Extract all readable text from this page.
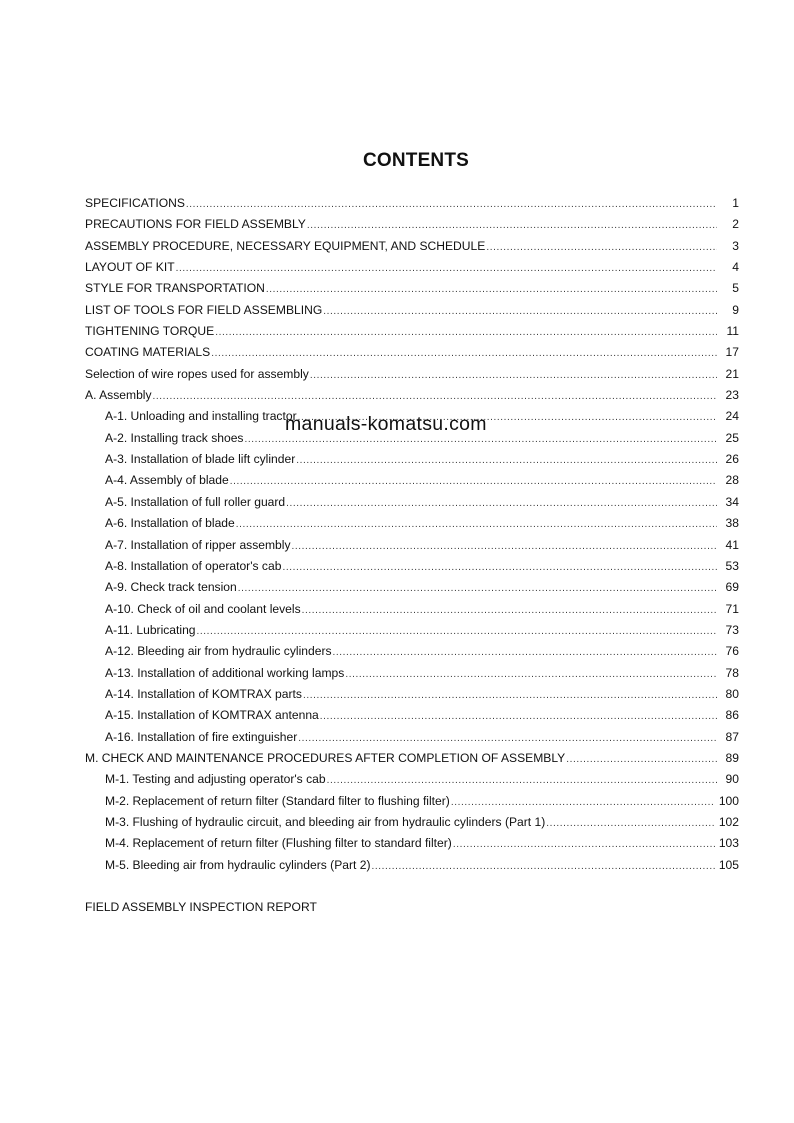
CONTENTS
SPECIFICATIONS .....	1
PRECAUTIONS FOR FIELD ASSEMBLY .....	2
ASSEMBLY PROCEDURE, NECESSARY EQUIPMENT, AND SCHEDULE .....	3
LAYOUT OF KIT .....	4
STYLE FOR TRANSPORTATION .....	5
LIST OF TOOLS FOR FIELD ASSEMBLING .....	9
TIGHTENING TORQUE .....	11
COATING MATERIALS .....	17
Selection of wire ropes used for assembly .....	21
A. Assembly .....	23
A-1. Unloading and installing tractor .....	24
A-2. Installing track shoes .....	25
A-3. Installation of blade lift cylinder .....	26
A-4. Assembly of blade .....	28
A-5. Installation of full roller guard .....	34
A-6. Installation of blade .....	38
A-7. Installation of ripper assembly .....	41
A-8. Installation of operator's cab .....	53
A-9. Check track tension .....	69
A-10. Check of oil and coolant levels .....	71
A-11. Lubricating .....	73
A-12. Bleeding air from hydraulic cylinders .....	76
A-13. Installation of additional working lamps .....	78
A-14. Installation of KOMTRAX parts .....	80
A-15. Installation of KOMTRAX antenna .....	86
A-16. Installation of fire extinguisher .....	87
M. CHECK AND MAINTENANCE PROCEDURES AFTER COMPLETION OF ASSEMBLY .....	89
M-1. Testing and adjusting operator's cab .....	90
M-2. Replacement of return filter (Standard filter to flushing filter) .....	100
M-3. Flushing of hydraulic circuit, and bleeding air from hydraulic cylinders (Part 1) .....	102
M-4. Replacement of return filter (Flushing filter to standard filter) .....	103
M-5. Bleeding air from hydraulic cylinders (Part 2) .....	105
manuals-komatsu.com
FIELD ASSEMBLY INSPECTION REPORT
